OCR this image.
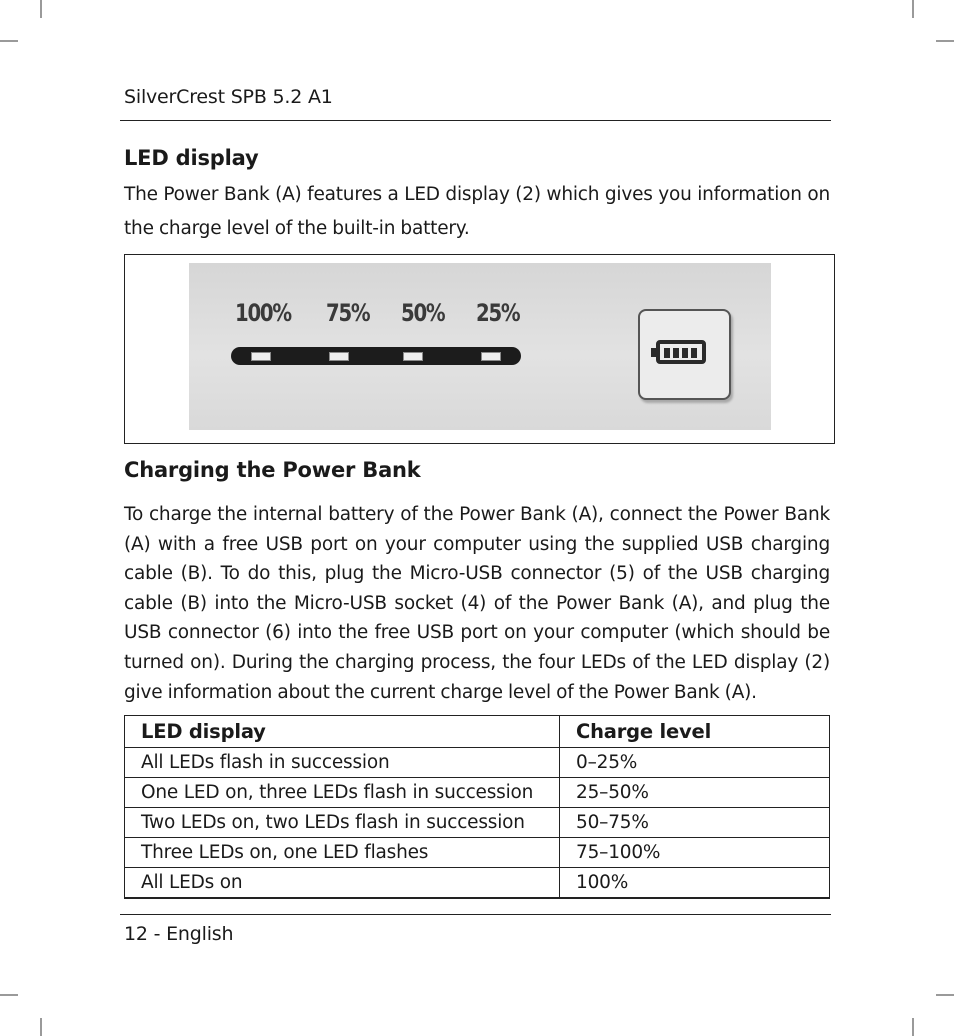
SilverCrest SPB 5.2 A1
LED display
The Power Bank (A) features a LED display (2) which gives you information on the charge level of the built-in battery.
100% 75% 50% 25%
Charging the Power Bank
To charge the internal battery of the Power Bank (A), connect the Power Bank (A) with a free USB port on your computer using the supplied USB charging cable (B). To do this, plug the Micro-USB connector (5) of the USB charging cable (B) into the Micro-USB socket (4) of the Power Bank (A), and plug the USB connector (6) into the free USB port on your computer (which should be turned on). During the charging process, the four LEDs of the LED display (2) give information about the current charge level of the Power Bank (A).
LED display	Charge level
All LEDs flash in succession	0–25%
One LED on, three LEDs flash in succession	25–50%
Two LEDs on, two LEDs flash in succession	50–75%
Three LEDs on, one LED flashes	75–100%
All LEDs on	100%
12 - English
